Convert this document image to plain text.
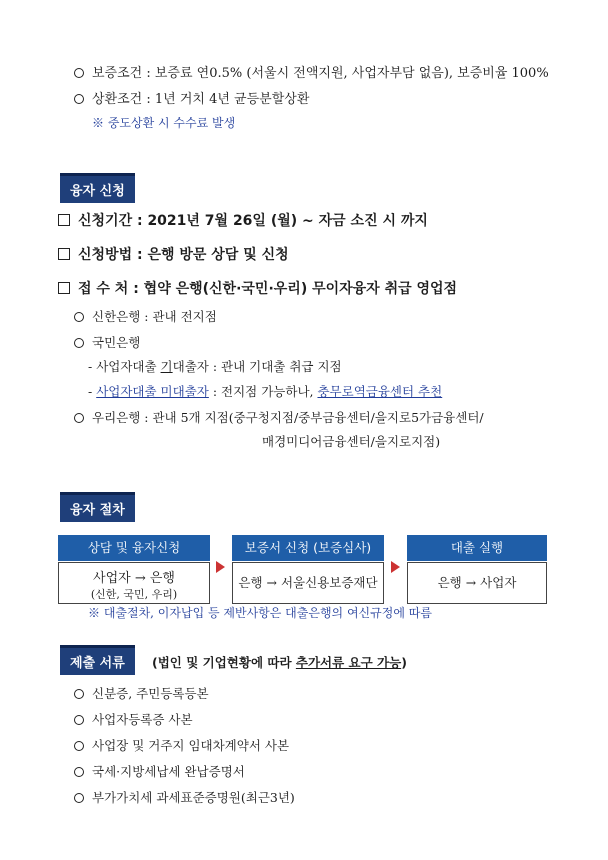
보증조건 : 보증료 연0.5% (서울시 전액지원, 사업자부담 없음), 보증비율 100%
상환조건 : 1년 거치 4년 균등분할상환
※ 중도상환 시 수수료 발생
융자 신청
신청기간 : 2021년 7월 26일 (월) ~ 자금 소진 시 까지
신청방법 : 은행 방문 상담 및 신청
접 수 처 : 협약 은행(신한·국민·우리) 무이자융자 취급 영업점
신한은행 : 관내 전지점
국민은행
- 사업자대출 기대출자 : 관내 기대출 취급 지점
- 사업자대출 미대출자 : 전지점 가능하나, 충무로역금융센터 추천
우리은행 : 관내 5개 지점(중구청지점/중부금융센터/을지로5가금융센터/
매경미디어금융센터/을지로지점)
융자 절차
상담 및 융자신청
사업자 → 은행
(신한, 국민, 우리)
보증서 신청 (보증심사)
은행 → 서울신용보증재단
대출 실행
은행 → 사업자
※ 대출절차, 이자납입 등 제반사항은 대출은행의 여신규정에 따름
제출 서류	(법인 및 기업현황에 따라 추가서류 요구 가능)
신분증, 주민등록등본
사업자등록증 사본
사업장 및 거주지 임대차계약서 사본
국세·지방세납세 완납증명서
부가가치세 과세표준증명원(최근3년)
